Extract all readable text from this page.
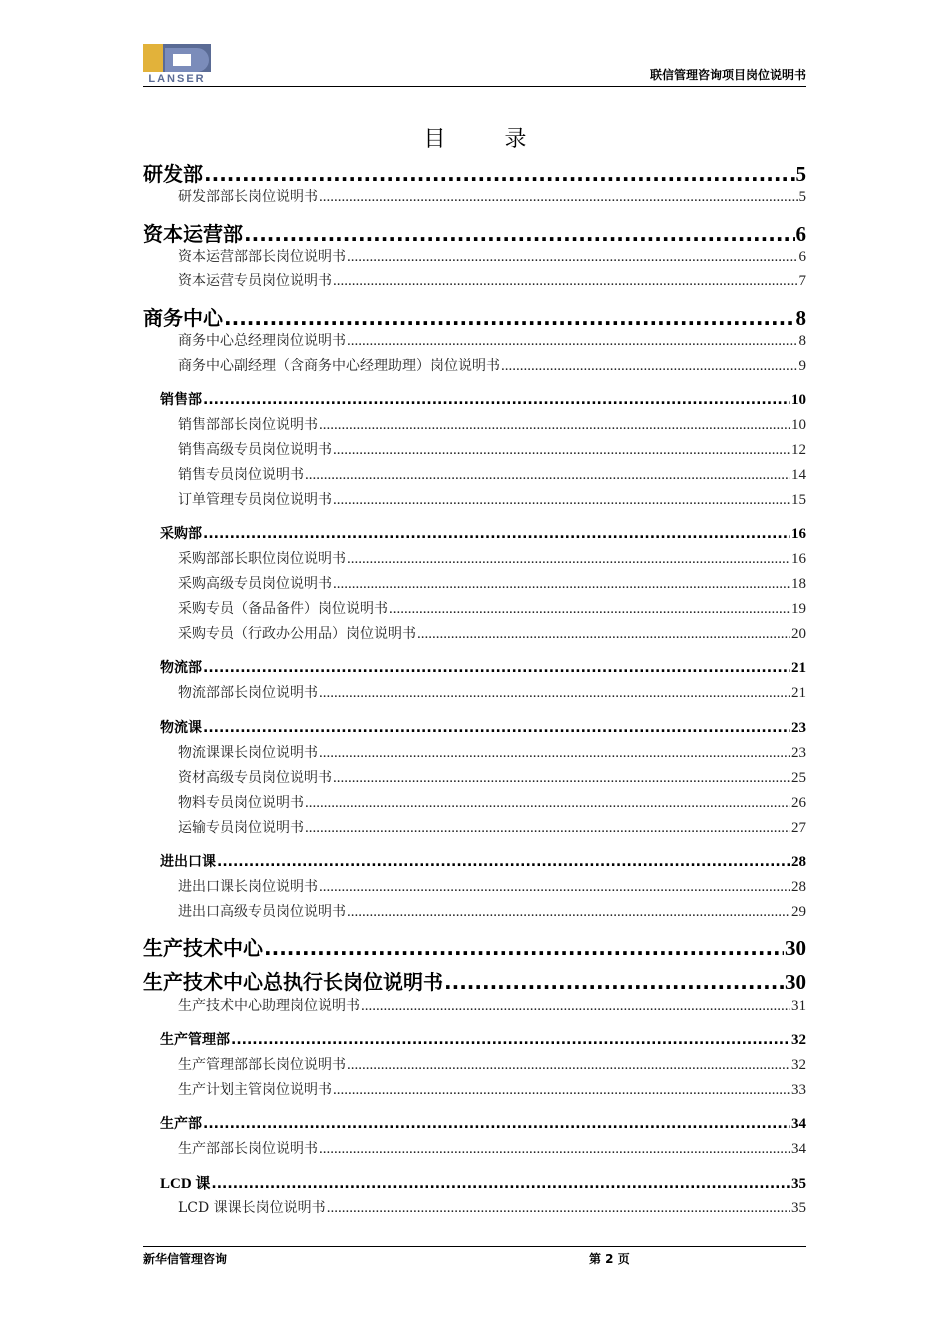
LANSER	联信管理咨询项目岗位说明书
目 录
研发部 .....	5
研发部部长岗位说明书 .....	5
资本运营部 .....	6
资本运营部部长岗位说明书 .....	6
资本运营专员岗位说明书 .....	7
商务中心 .....	8
商务中心总经理岗位说明书 .....	8
商务中心副经理（含商务中心经理助理）岗位说明书 .....	9
销售部 .....	10
销售部部长岗位说明书 .....	10
销售高级专员岗位说明书 .....	12
销售专员岗位说明书 .....	14
订单管理专员岗位说明书 .....	15
采购部 .....	16
采购部部长职位岗位说明书 .....	16
采购高级专员岗位说明书 .....	18
采购专员（备品备件）岗位说明书 .....	19
采购专员（行政办公用品）岗位说明书 .....	20
物流部 .....	21
物流部部长岗位说明书 .....	21
物流课 .....	23
物流课课长岗位说明书 .....	23
资材高级专员岗位说明书 .....	25
物料专员岗位说明书 .....	26
运输专员岗位说明书 .....	27
进出口课 .....	28
进出口课长岗位说明书 .....	28
进出口高级专员岗位说明书 .....	29
生产技术中心 .....	30
生产技术中心总执行长岗位说明书 .....	30
生产技术中心助理岗位说明书 .....	31
生产管理部 .....	32
生产管理部部长岗位说明书 .....	32
生产计划主管岗位说明书 .....	33
生产部 .....	34
生产部部长岗位说明书 .....	34
LCD 课 .....	35
LCD 课课长岗位说明书 .....	35
新华信管理咨询	第 2 页
